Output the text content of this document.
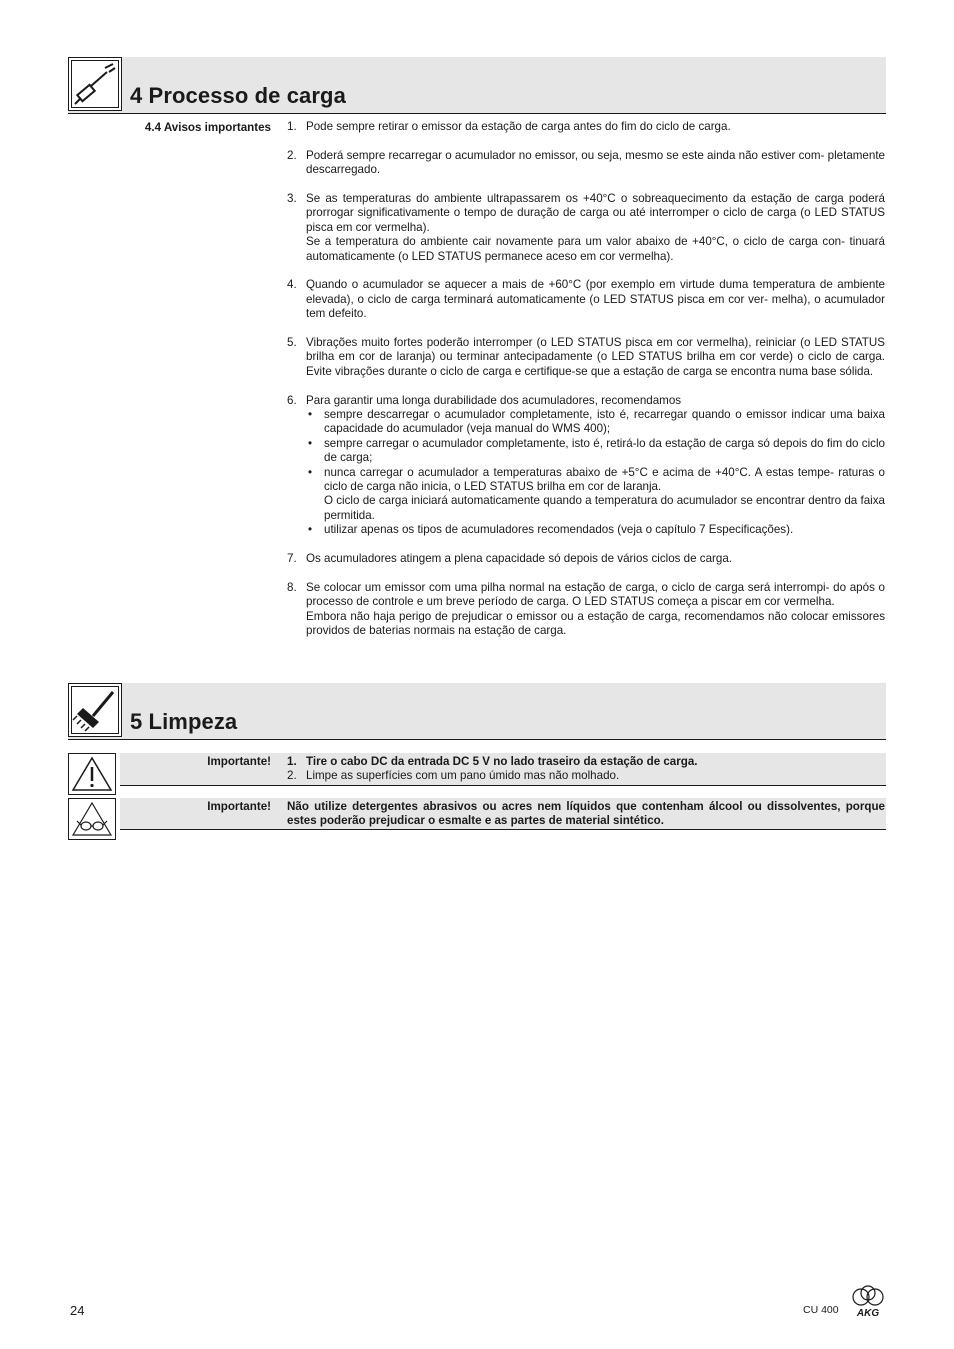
4 Processo de carga
4.4 Avisos importantes 1. Pode sempre retirar o emissor da estação de carga antes do fim do ciclo de carga.

2. Poderá sempre recarregar o acumulador no emissor, ou seja, mesmo se este ainda não estiver com- pletamente descarregado.

3. Se as temperaturas do ambiente ultrapassarem os +40°C o sobreaquecimento da estação de carga poderá prorrogar significativamente o tempo de duração de carga ou até interromper o ciclo de carga (o LED STATUS pisca em cor vermelha).

Se a temperatura do ambiente cair novamente para um valor abaixo de +40°C, o ciclo de carga con- tinuará automaticamente (o LED STATUS permanece aceso em cor vermelha).

4. Quando o acumulador se aquecer a mais de +60°C (por exemplo em virtude duma temperatura de ambiente elevada), o ciclo de carga terminará automaticamente (o LED STATUS pisca em cor ver- melha), o acumulador tem defeito.

5. Vibrações muito fortes poderão interromper (o LED STATUS pisca em cor vermelha), reiniciar (o LED STATUS brilha em cor de laranja) ou terminar antecipadamente (o LED STATUS brilha em cor verde) o ciclo de carga. Evite vibrações durante o ciclo de carga e certifique-se que a estação de carga se encontra numa base sólida.

6. Para garantir uma longa durabilidade dos acumuladores, recomendamos

• sempre descarregar o acumulador completamente, isto é, recarregar quando o emissor indicar uma baixa capacidade do acumulador (veja manual do WMS 400);
• sempre carregar o acumulador completamente, isto é, retirá-lo da estação de carga só depois do fim do ciclo de carga;
• nunca carregar o acumulador a temperaturas abaixo de +5°C e acima de +40°C. A estas tempe- raturas o ciclo de carga não inicia, o LED STATUS brilha em cor de laranja.
O ciclo de carga iniciará automaticamente quando a temperatura do acumulador se encontrar dentro da faixa permitida.
• utilizar apenas os tipos de acumuladores recomendados (veja o capítulo 7 Especificações).
7. Os acumuladores atingem a plena capacidade só depois de vários ciclos de carga.

8. Se colocar um emissor com uma pilha normal na estação de carga, o ciclo de carga será interrompi- do após o processo de controle e um breve período de carga. O LED STATUS começa a piscar em cor vermelha.

Embora não haja perigo de prejudicar o emissor ou a estação de carga, recomendamos não colocar emissores providos de baterias normais na estação de carga.

5 Limpeza
Importante! 1. Tire o cabo DC da entrada DC 5 V no lado traseiro da estação de carga.
2. Limpe as superfícies com um pano úmido mas não molhado.
Importante! Não utilize detergentes abrasivos ou acres nem líquidos que contenham álcool ou dissolventes, porque estes poderão prejudicar o esmalte e as partes de material sintético.
24	CU 400 AKG
